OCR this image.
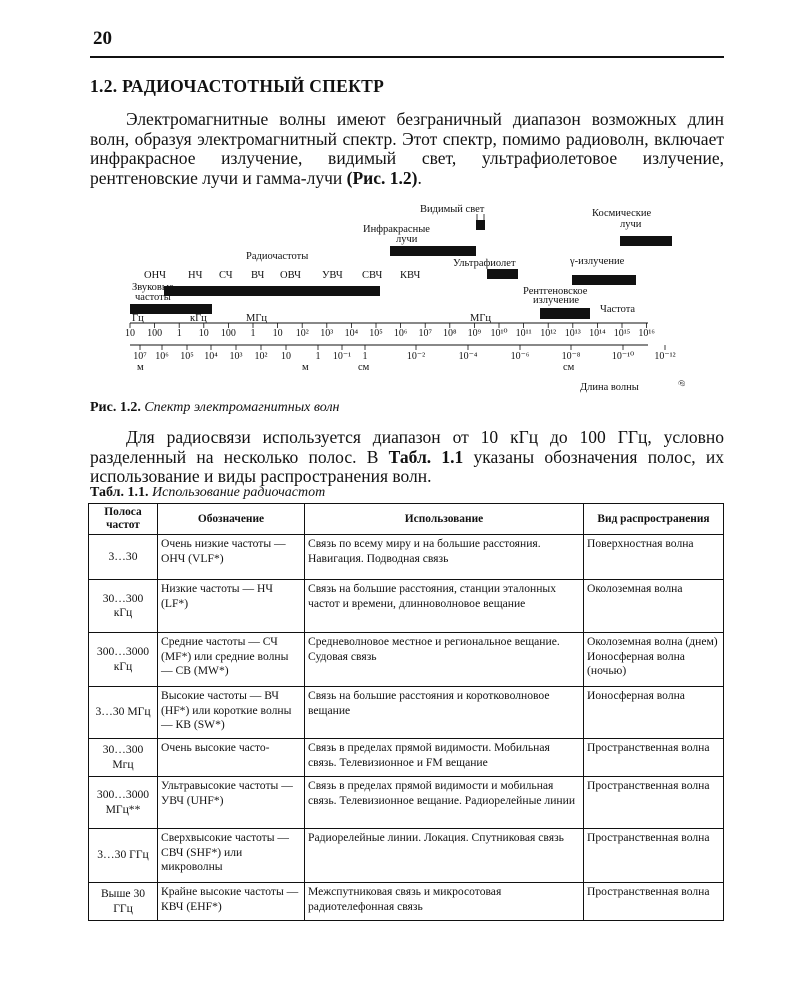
20
1.2. РАДИОЧАСТОТНЫЙ СПЕКТР

Электромагнитные волны имеют безграничный диапазон возможных длин волн, образуя электромагнитный спектр. Этот спектр, помимо радиоволн, включает инфракрасное излучение, видимый свет, ультрафиолетовое излучение, рентгеновские лучи и гамма-лучи (Рис. 1.2).

Видимый свет
Инфракрасные
лучи
Космические
лучи
Радиочастоты
Ультрафиолет	γ-излучение
Рентгеновское
излучение
Частота
ОНЧ НЧ СЧ ВЧ ОВЧ УВЧ СВЧ КВЧ
Звуковые
частоты
Гц	кГц	МГц	МГц
10 100 1 10 100 1 10 10² 10³ 10⁴ 10⁵ 10⁶ 10⁷ 10⁸ 10⁹ 10¹⁰ 10¹¹ 10¹² 10¹³ 10¹⁴ 10¹⁵ 10¹⁶
10⁷ 10⁶ 10⁵ 10⁴ 10³ 10² 10 1 10⁻¹ 1	10⁻²	10⁻⁴	10⁻⁶	10⁻⁸	10⁻¹⁰ 10⁻¹²
м	м	см	см
Длина волны	@
Рис. 1.2. Спектр электромагнитных волн

Для радиосвязи используется диапазон от 10 кГц до 100 ГГц, условно разделенный на несколько полос. В Табл. 1.1 указаны обозначения полос, их использование и виды распространения волн.

Табл. 1.1. Использование радиочастот
Полоса частот	Обозначение	Использование	Вид распространения
3…30	Очень низкие частоты — ОНЧ (VLF*)	Связь по всему миру и на большие расстояния. Навигация. Подводная связь	Поверхностная волна
30…300 кГц	Низкие частоты — НЧ (LF*)	Связь на большие расстояния, станции эталонных частот и времени, длинноволновое вещание	Околоземная волна
300…3000 кГц	Средние частоты — СЧ (MF*) или средние волны — СВ (MW*)	Средневолновое местное и региональное вещание. Судовая связь	Околоземная волна (днем) Ионосферная волна (ночью)
3…30 МГц	Высокие частоты — ВЧ (HF*) или короткие волны — КВ (SW*)	Связь на большие расстояния и коротковолновое вещание	Ионосферная волна
30…300 Мгц	Очень высокие часто-	Связь в пределах прямой видимости. Мобильная связь. Телевизионное и FM вещание	Пространственная волна
300…3000 МГц**	Ультравысокие частоты — УВЧ (UHF*)	Связь в пределах прямой видимости и мобильная связь. Телевизионное вещание. Радиорелейные линии	Пространственная волна
3…30 ГГц	Сверхвысокие частоты — СВЧ (SHF*) или микроволны	Радиорелейные линии. Локация. Спутниковая связь	Пространственная волна
Выше 30 ГГц	Крайне высокие частоты — КВЧ (EHF*)	Межспутниковая связь и микросотовая радиотелефонная связь	Пространственная волна
